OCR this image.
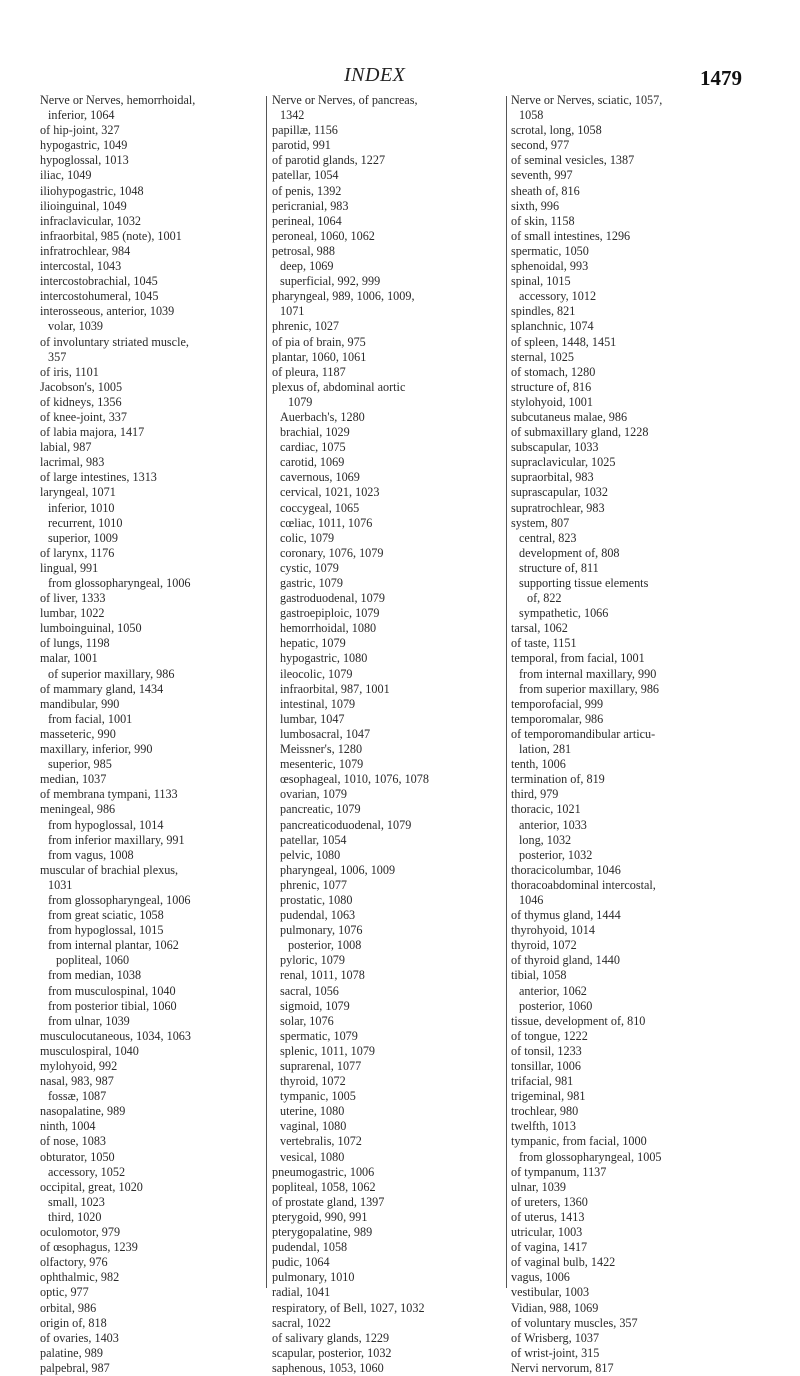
INDEX	1479
Nerve or Nerves, hemorrhoidal,
inferior, 1064
of hip-joint, 327
hypogastric, 1049
hypoglossal, 1013
iliac, 1049
iliohypogastric, 1048
ilioinguinal, 1049
infraclavicular, 1032
infraorbital, 985 (note), 1001
infratrochlear, 984
intercostal, 1043
intercostobrachial, 1045
intercostohumeral, 1045
interosseous, anterior, 1039
volar, 1039
of involuntary striated muscle,
357
of iris, 1101
Jacobson's, 1005
of kidneys, 1356
of knee-joint, 337
of labia majora, 1417
labial, 987
lacrimal, 983
of large intestines, 1313
laryngeal, 1071
inferior, 1010
recurrent, 1010
superior, 1009
of larynx, 1176
lingual, 991
from glossopharyngeal, 1006
of liver, 1333
lumbar, 1022
lumboinguinal, 1050
of lungs, 1198
malar, 1001
of superior maxillary, 986
of mammary gland, 1434
mandibular, 990
from facial, 1001
masseteric, 990
maxillary, inferior, 990
superior, 985
median, 1037
of membrana tympani, 1133
meningeal, 986
from hypoglossal, 1014
from inferior maxillary, 991
from vagus, 1008
muscular of brachial plexus,
1031
from glossopharyngeal, 1006
from great sciatic, 1058
from hypoglossal, 1015
from internal plantar, 1062
popliteal, 1060
from median, 1038
from musculospinal, 1040
from posterior tibial, 1060
from ulnar, 1039
musculocutaneous, 1034, 1063
musculospiral, 1040
mylohyoid, 992
nasal, 983, 987
fossæ, 1087
nasopalatine, 989
ninth, 1004
of nose, 1083
obturator, 1050
accessory, 1052
occipital, great, 1020
small, 1023
third, 1020
oculomotor, 979
of œsophagus, 1239
olfactory, 976
ophthalmic, 982
optic, 977
orbital, 986
origin of, 818
of ovaries, 1403
palatine, 989
palpebral, 987
Nerve or Nerves, of pancreas,
1342
papillæ, 1156
parotid, 991
of parotid glands, 1227
patellar, 1054
of penis, 1392
pericranial, 983
perineal, 1064
peroneal, 1060, 1062
petrosal, 988
deep, 1069
superficial, 992, 999
pharyngeal, 989, 1006, 1009,
1071
phrenic, 1027
of pia of brain, 975
plantar, 1060, 1061
of pleura, 1187
plexus of, abdominal aortic
1079
Auerbach's, 1280
brachial, 1029
cardiac, 1075
carotid, 1069
cavernous, 1069
cervical, 1021, 1023
coccygeal, 1065
cœliac, 1011, 1076
colic, 1079
coronary, 1076, 1079
cystic, 1079
gastric, 1079
gastroduodenal, 1079
gastroepiploic, 1079
hemorrhoidal, 1080
hepatic, 1079
hypogastric, 1080
ileocolic, 1079
infraorbital, 987, 1001
intestinal, 1079
lumbar, 1047
lumbosacral, 1047
Meissner's, 1280
mesenteric, 1079
œsophageal, 1010, 1076, 1078
ovarian, 1079
pancreatic, 1079
pancreaticoduodenal, 1079
patellar, 1054
pelvic, 1080
pharyngeal, 1006, 1009
phrenic, 1077
prostatic, 1080
pudendal, 1063
pulmonary, 1076
posterior, 1008
pyloric, 1079
renal, 1011, 1078
sacral, 1056
sigmoid, 1079
solar, 1076
spermatic, 1079
splenic, 1011, 1079
suprarenal, 1077
thyroid, 1072
tympanic, 1005
uterine, 1080
vaginal, 1080
vertebralis, 1072
vesical, 1080
pneumogastric, 1006
popliteal, 1058, 1062
of prostate gland, 1397
pterygoid, 990, 991
pterygopalatine, 989
pudendal, 1058
pudic, 1064
pulmonary, 1010
radial, 1041
respiratory, of Bell, 1027, 1032
sacral, 1022
of salivary glands, 1229
scapular, posterior, 1032
saphenous, 1053, 1060
Nerve or Nerves, sciatic, 1057,
1058
scrotal, long, 1058
second, 977
of seminal vesicles, 1387
seventh, 997
sheath of, 816
sixth, 996
of skin, 1158
of small intestines, 1296
spermatic, 1050
sphenoidal, 993
spinal, 1015
accessory, 1012
spindles, 821
splanchnic, 1074
of spleen, 1448, 1451
sternal, 1025
of stomach, 1280
structure of, 816
stylohyoid, 1001
subcutaneus malae, 986
of submaxillary gland, 1228
subscapular, 1033
supraclavicular, 1025
supraorbital, 983
suprascapular, 1032
supratrochlear, 983
system, 807
central, 823
development of, 808
structure of, 811
supporting tissue elements
of, 822
sympathetic, 1066
tarsal, 1062
of taste, 1151
temporal, from facial, 1001
from internal maxillary, 990
from superior maxillary, 986
temporofacial, 999
temporomalar, 986
of temporomandibular articu-
lation, 281
tenth, 1006
termination of, 819
third, 979
thoracic, 1021
anterior, 1033
long, 1032
posterior, 1032
thoracicolumbar, 1046
thoracoabdominal intercostal,
1046
of thymus gland, 1444
thyrohyoid, 1014
thyroid, 1072
of thyroid gland, 1440
tibial, 1058
anterior, 1062
posterior, 1060
tissue, development of, 810
of tongue, 1222
of tonsil, 1233
tonsillar, 1006
trifacial, 981
trigeminal, 981
trochlear, 980
twelfth, 1013
tympanic, from facial, 1000
from glossopharyngeal, 1005
of tympanum, 1137
ulnar, 1039
of ureters, 1360
of uterus, 1413
utricular, 1003
of vagina, 1417
of vaginal bulb, 1422
vagus, 1006
vestibular, 1003
Vidian, 988, 1069
of voluntary muscles, 357
of Wrisberg, 1037
of wrist-joint, 315
Nervi nervorum, 817
